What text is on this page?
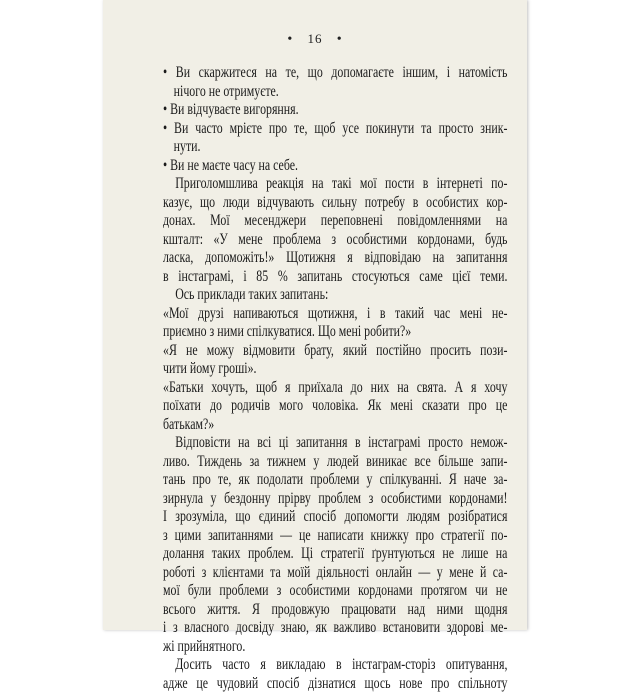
• 16 •
• Ви скаржитеся на те, що допомагаєте іншим, і натомість
нічого не отримуєте.
• Ви відчуваєте вигоряння.
• Ви часто мрієте про те, щоб усе покинути та просто зник-
нути.
• Ви не маєте часу на себе.
Приголомшлива реакція на такі мої пости в інтернеті по-
казує, що люди відчувають сильну потребу в особистих кор-
донах. Мої месенджери переповнені повідомленнями на
кшталт: «У мене проблема з особистими кордонами, будь
ласка, допоможіть!» Щотижня я відповідаю на запитання
в інстаграмі, і 85 % запитань стосуються саме цієї теми.
Ось приклади таких запитань:
«Мої друзі напиваються щотижня, і в такий час мені не-
приємно з ними спілкуватися. Що мені робити?»
«Я не можу відмовити брату, який постійно просить пози-
чити йому гроші».
«Батьки хочуть, щоб я приїхала до них на свята. А я хочу
поїхати до родичів мого чоловіка. Як мені сказати про це
батькам?»
Відповісти на всі ці запитання в інстаграмі просто немож-
ливо. Тиждень за тижнем у людей виникає все більше запи-
тань про те, як подолати проблеми у спілкуванні. Я наче за-
зирнула у бездонну прірву проблем з особистими кордонами!
І зрозуміла, що єдиний спосіб допомогти людям розібратися
з цими запитаннями — це написати книжку про стратегії по-
долання таких проблем. Ці стратегії ґрунтуються не лише на
роботі з клієнтами та моїй діяльності онлайн — у мене й са-
мої були проблеми з особистими кордонами протягом чи не
всього життя. Я продовжую працювати над ними щодня
і з власного досвіду знаю, як важливо встановити здорові ме-
жі прийнятного.
Досить часто я викладаю в інстаграм-сторіз опитування,
адже це чудовий спосіб дізнатися щось нове про спільноту
